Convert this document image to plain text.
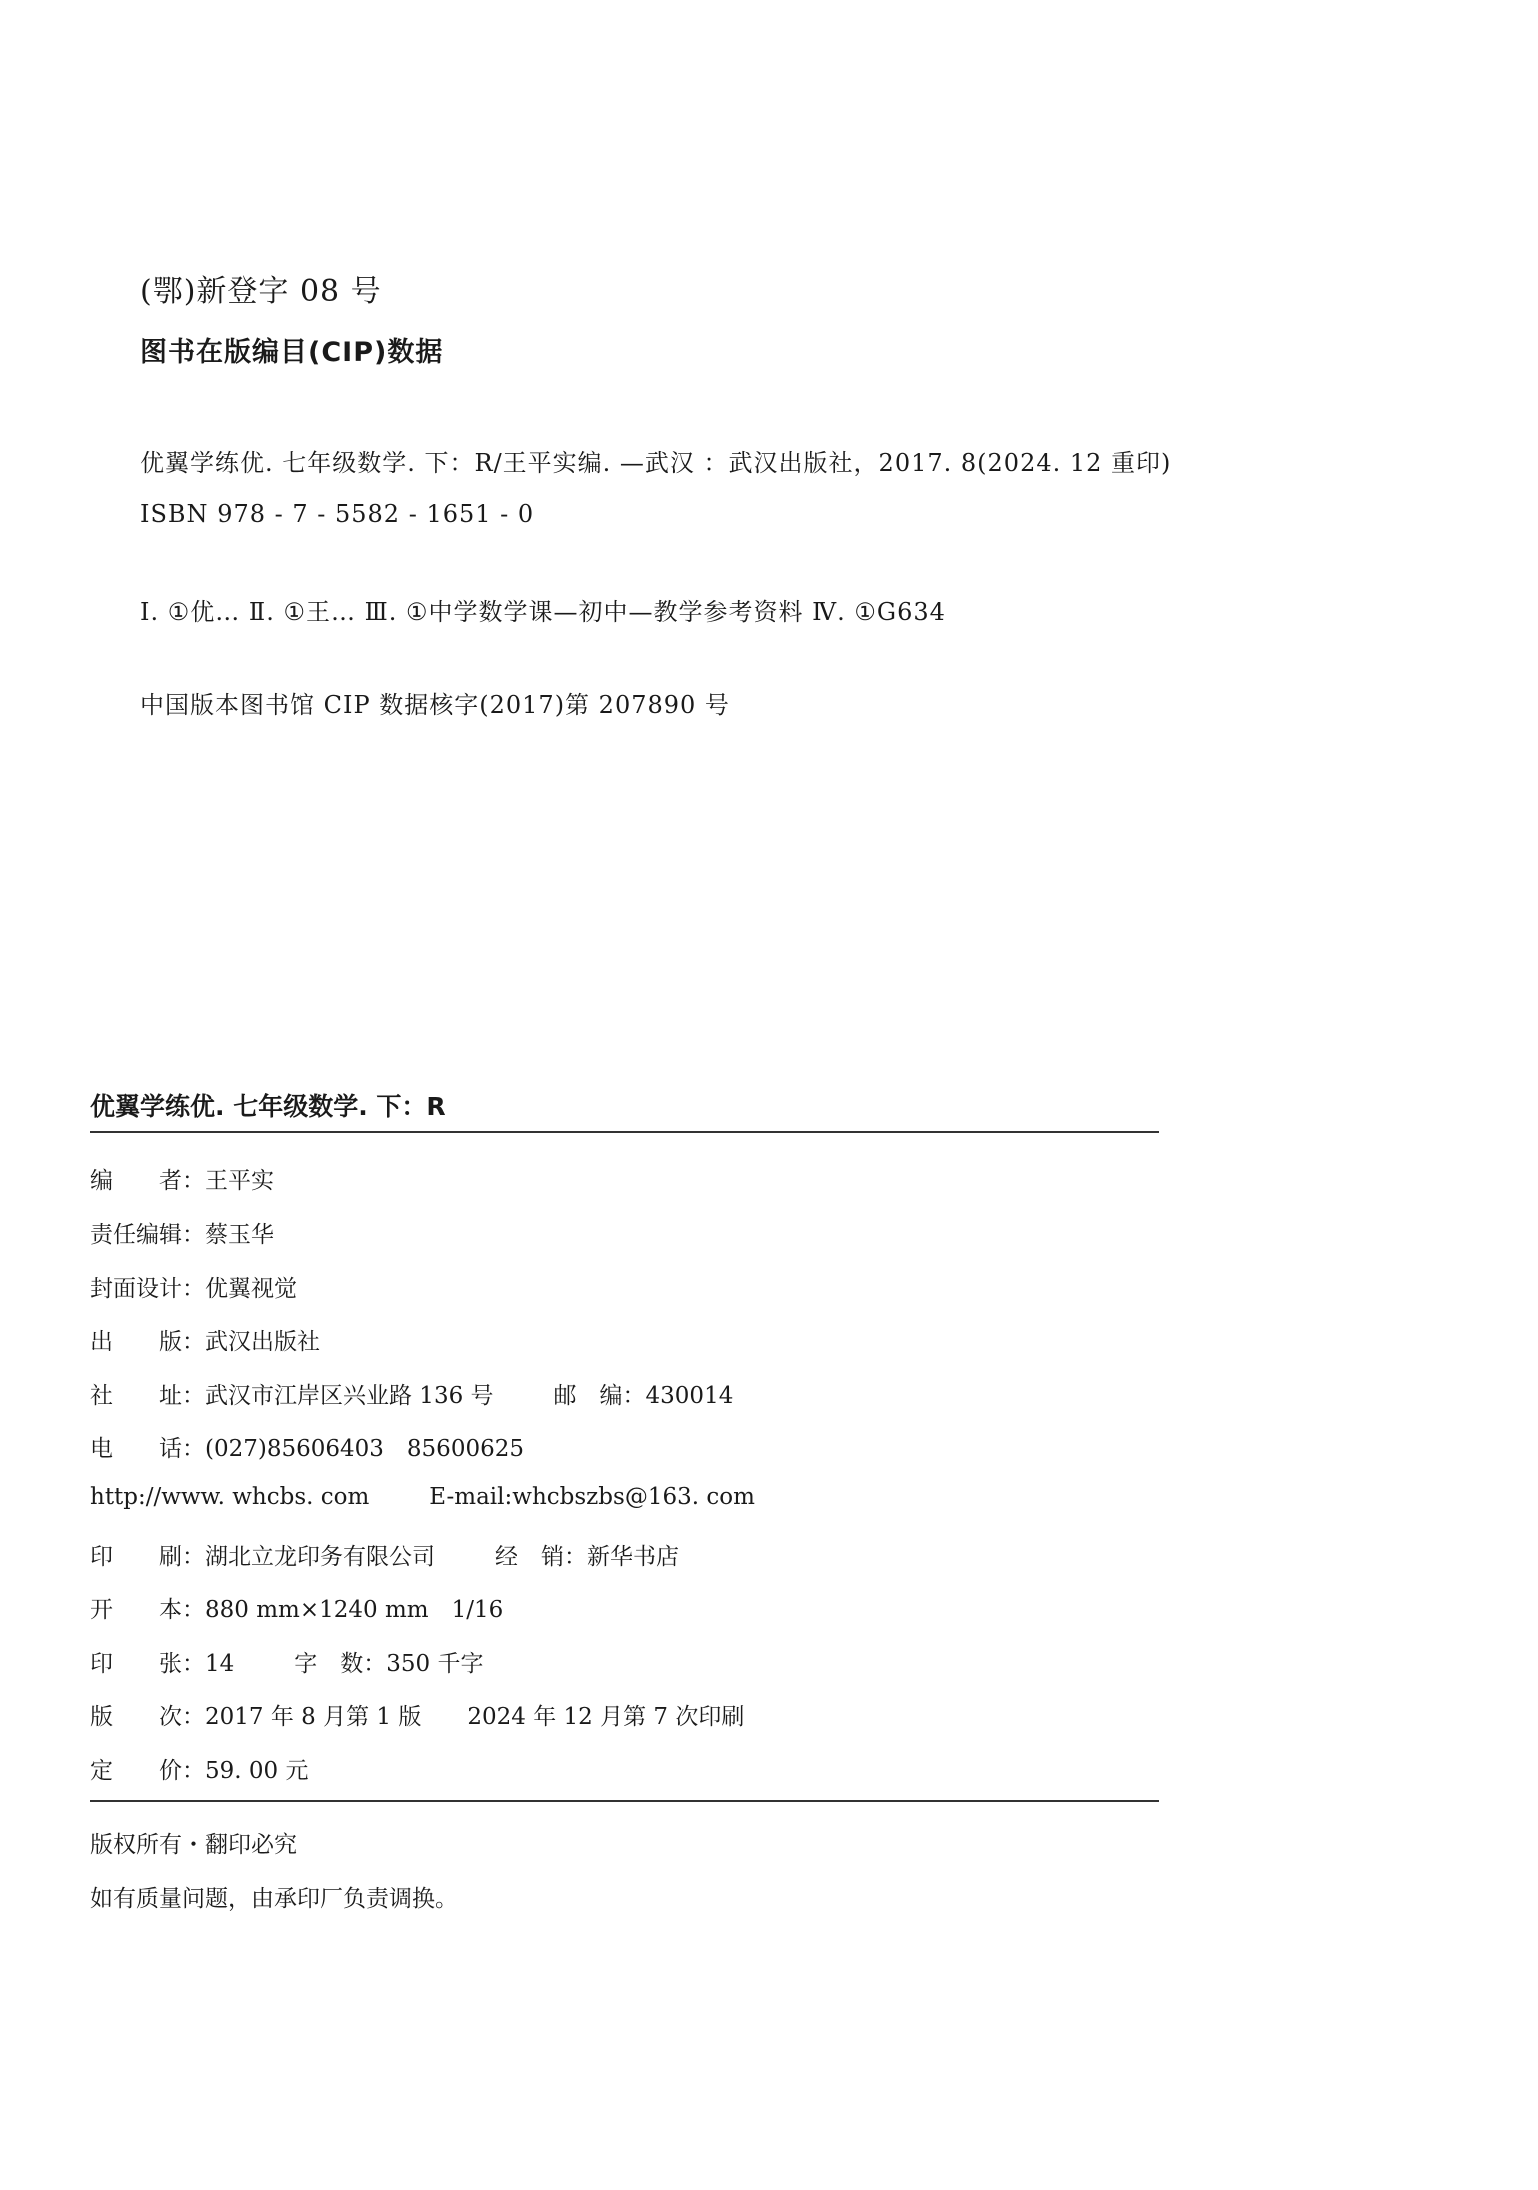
(鄂)新登字 08 号
图书在版编目(CIP)数据
优翼学练优. 七年级数学. 下：R/王平实编. —武汉 ：武汉出版社，2017. 8(2024. 12 重印)
ISBN 978 - 7 - 5582 - 1651 - 0
Ⅰ. ①优… Ⅱ. ①王… Ⅲ. ①中学数学课—初中—教学参考资料 Ⅳ. ①G634
中国版本图书馆 CIP 数据核字(2017)第 207890 号
优翼学练优. 七年级数学. 下：R
编　　者：王平实
责任编辑：蔡玉华
封面设计：优翼视觉
出　　版：武汉出版社
社　　址：武汉市江岸区兴业路 136 号	邮　编：430014
电　　话：(027)85606403　85600625
http://www. whcbs. com	E-mail:whcbszbs@163. com
印　　刷：湖北立龙印务有限公司	经　销：新华书店
开　　本：880 mm×1240 mm　1/16
印　　张：14	字　数：350 千字
版　　次：2017 年 8 月第 1 版　　2024 年 12 月第 7 次印刷
定　　价：59. 00 元
版权所有・翻印必究
如有质量问题，由承印厂负责调换。
